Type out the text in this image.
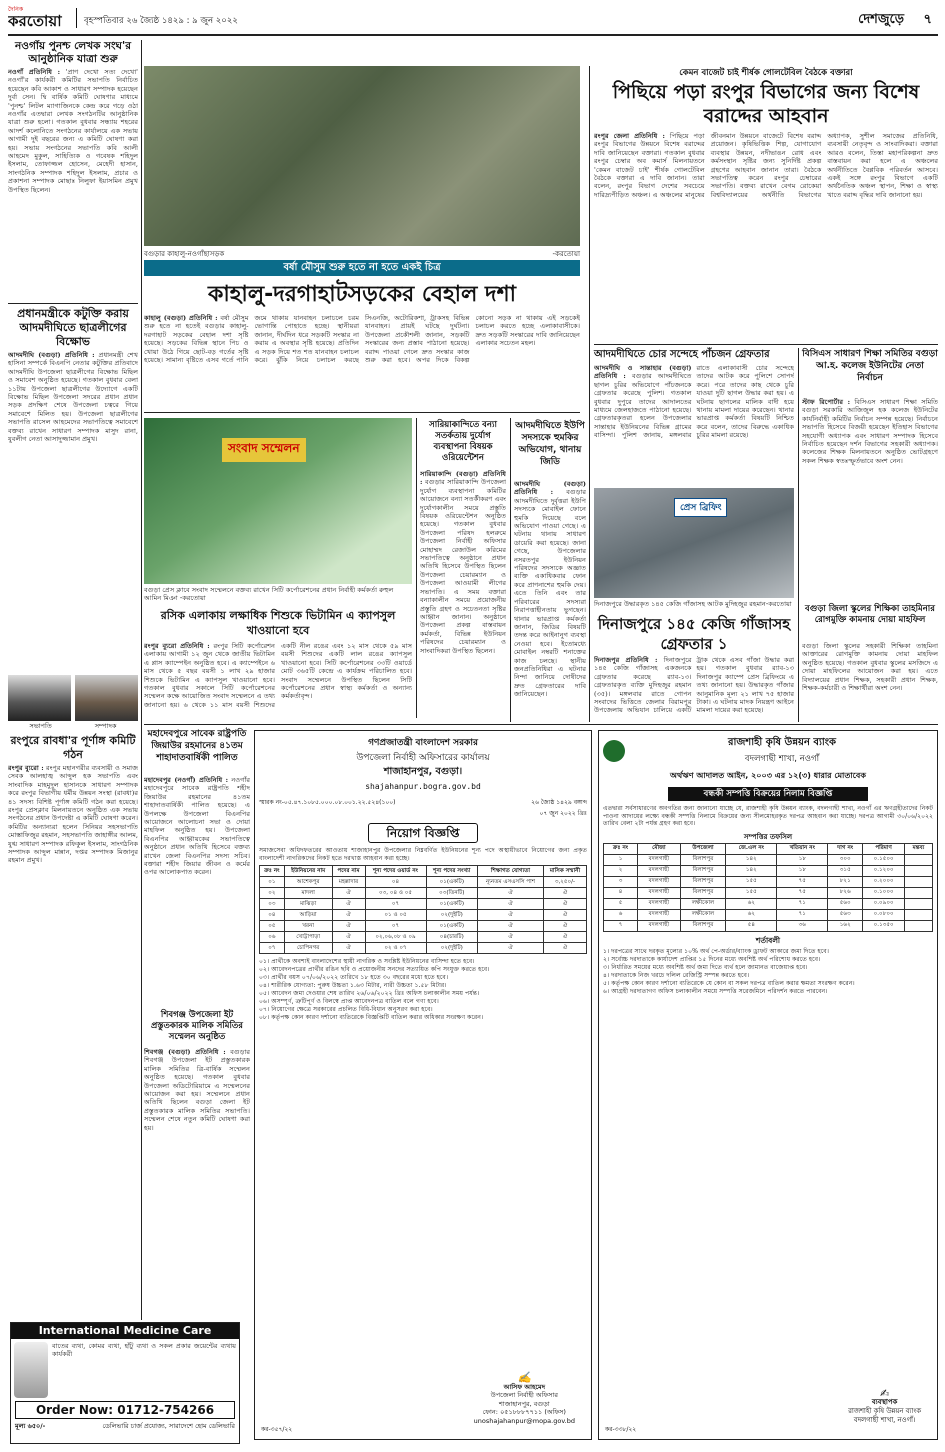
দৈনিক
করতোয়া	বৃহস্পতিবার ২৬ জ্যৈষ্ঠ ১৪২৯ : ৯ জুন ২০২২	দেশজুড়ে ৭
নওগাঁয় পুনশ্চ লেখক সংঘ'র আনুষ্ঠানিক যাত্রা শুরু
নওগাঁ প্রতিনিধি : 'প্রাণ দেখো সত্য দেখো' নওগাঁ'র কার্যকরী কমিটির সভাপতি নির্বাচিত হয়েছেন কবি আকাশ ও সাধারণ সম্পাদক হয়েছেন দুর্বা সেন। দ্বি বার্ষিক কমিটি ঘোষণার মাধ্যমে 'পুনশ্চ' লিটল ম্যাগাজিনকে কেন্দ্র করে গড়ে ওঠা নওগাঁর এতদ্বারা লেখক সংগঠনটির আনুষ্ঠানিক যাত্রা শুরু হলো। গতকাল বুধবার সন্ধ্যায় শহরের আদর্শ কলোনিতে সংগঠনের কার্যালয়ে এক সভায় আগামী দুই বছরের জন্য এ কমিটি ঘোষণা করা হয়। সভায় সংগঠনের সভাপতি কবি আলী আহমেদ মুকুল, সাহিত্যিক ও গবেষক শহিদুল ইসলাম, তোফাজ্জল হোসেন, মেহেদী হাসান, সাংগঠনিক সম্পাদক শহিদুল ইসলাম, প্রচার ও প্রকাশনা সম্পাদক মোছাঃ নিলুফা ইয়াসমিন প্রমুখ উপস্থিত ছিলেন।
প্রধানমন্ত্রীকে কটুক্তি করায় আদমদীঘিতে ছাত্রলীগের বিক্ষোভ
আদমদীঘি (বগুড়া) প্রতিনিধি : প্রধানমন্ত্রী শেখ হাসিনা সম্পর্কে বিএনপি নেতার কটুক্তির প্রতিবাদে আদমদীঘি উপজেলা ছাত্রলীগের বিক্ষোভ মিছিল ও সমাবেশ অনুষ্ঠিত হয়েছে। গতকাল বুধবার বেলা ১১টায় উপজেলা ছাত্রলীগের উদ্যোগে একটি বিক্ষোভ মিছিল উপজেলা সদরের প্রধান প্রধান সড়ক প্রদক্ষিণ শেষে উপজেলা চত্বরে গিয়ে সমাবেশে মিলিত হয়। উপজেলা ছাত্রলীগের সভাপতি রাসেল আহমেদের সভাপতিত্বে সমাবেশে বক্তব্য রাখেন সাধারণ সম্পাদক মাসুদ রানা, যুবলীগ নেতা আসাদুজ্জামান প্রমুখ।
সভাপতি	সম্পাদক
রংপুরে রাবধা'র পূর্ণাঙ্গ কমিটি গঠন
রংপুর ব্যুরো : রংপুর মহানগরীর ব্যবসায়ী ও সমাজ সেবক আলহাজ্ব আব্দুল হক সভাপতি এবং সাংবাদিক মাহমুদুল হাসানকে সাধারণ সম্পাদক করে রংপুর বিভাগীয় ধর্মীয় উন্নয়ন সংস্থা (রাবধা)র ৪১ সদস্য বিশিষ্ট পূর্ণাঙ্গ কমিটি গঠন করা হয়েছে। রংপুর প্রেসক্লাব মিলনায়তনে অনুষ্ঠিত এক সভায় সংগঠনের প্রধান উপদেষ্টা এ কমিটি ঘোষণা করেন। কমিটির অন্যান্যরা হলেন সিনিয়র সহসভাপতি মোস্তাফিজুর রহমান, সহসভাপতি জাহাঙ্গীর আলম, যুগ্ম সাধারণ সম্পাদক রফিকুল ইসলাম, সাংগঠনিক সম্পাদক আব্দুল মান্নান, দপ্তর সম্পাদক মিজানুর রহমান প্রমুখ।
International Medicine Care
বাতের ব্যথা, কোমর ব্যথা, হাঁটু ব্যথা ও সকল প্রকার জয়েন্টের ব্যথায় কার্যকরী
Order Now: 01712-754266
মূল্য ৬৫০/-	ডেলিভারি চার্জ প্রযোজ্য, সারাদেশে হোম ডেলিভারি
বগুড়ার কাহালু-নওগাঁছাসড়ক	-করতোয়া
বর্ষা মৌসুম শুরু হতে না হতে একই চিত্র
কাহালু-দরগাহাটসড়কের বেহাল দশা
কাহালু (বগুড়া) প্রতিনিধি : বর্ষা মৌসুম শুরু হতে না হতেই বগুড়ার কাহালু-দরগাহাট সড়কের বেহাল দশা সৃষ্টি হয়েছে। সড়কের বিভিন্ন স্থানে পিচ ও খোয়া উঠে গিয়ে ছোট-বড় গর্তের সৃষ্টি হয়েছে। সামান্য বৃষ্টিতে এসব গর্তে পানি জমে থাকায় যানবাহন চলাচলে চরম ভোগান্তি পোহাতে হচ্ছে। স্থানীয়রা জানান, দীর্ঘদিন ধরে সড়কটি সংস্কার না করায় এ অবস্থার সৃষ্টি হয়েছে। প্রতিদিন এ সড়ক দিয়ে শত শত যানবাহন চলাচল করে। ঝুঁকি নিয়ে চলাচল করছে সিএনজি, অটোরিকশা, ট্রাকসহ বিভিন্ন যানবাহন। প্রায়ই ঘটছে দুর্ঘটনা। উপজেলা প্রকৌশলী জানান, সড়কটি সংস্কারের জন্য প্রস্তাব পাঠানো হয়েছে। বরাদ্দ পাওয়া গেলে দ্রুত সংস্কার কাজ শুরু করা হবে। অপর দিকে বিকল্প কোনো সড়ক না থাকায় এই সড়কেই চলাচল করতে হচ্ছে এলাকাবাসীকে। দ্রুত সড়কটি সংস্কারের দাবি জানিয়েছেন এলাকার সচেতন মহল।
সংবাদ সম্মেলন
বগুড়া প্রেস ক্লাবে সংবাদ সম্মেলনে বক্তব্য রাখেন সিটি কর্পোরেশনের প্রধান নির্বাহী কর্মকর্তা রুহুল আমিন মিঞা -করতোয়া
রসিক এলাকায় লক্ষাধিক শিশুকে ভিটামিন এ ক্যাপসুল খাওয়ানো হবে
রংপুর ব্যুরো প্রতিনিধি : রংপুর সিটি কর্পোরেশন এলাকায় আগামী ১২ জুন থেকে জাতীয় ভিটামিন এ প্লাস ক্যাম্পেইন অনুষ্ঠিত হবে। এ ক্যাম্পেইনে ৬ মাস থেকে ৫ বছর বয়সী ১ লাখ ২৯ হাজার শিশুকে ভিটামিন এ ক্যাপসুল খাওয়ানো হবে। গতকাল বুধবার সকালে সিটি কর্পোরেশনের সম্মেলন কক্ষে আয়োজিত সংবাদ সম্মেলনে এ তথ্য জানানো হয়। ৬ থেকে ১১ মাস বয়সী শিশুদের একটি নীল রঙের এবং ১২ মাস থেকে ৫৯ মাস বয়সী শিশুদের একটি লাল রঙের ক্যাপসুল খাওয়ানো হবে। সিটি কর্পোরেশনের ৩৩টি ওয়ার্ডে মোট ৩৬৫টি কেন্দ্রে এ কার্যক্রম পরিচালিত হবে। সংবাদ সম্মেলনে উপস্থিত ছিলেন সিটি কর্পোরেশনের প্রধান স্বাস্থ্য কর্মকর্তা ও অন্যান্য কর্মকর্তাবৃন্দ।
সারিয়াকান্দিতে বন্যা সতর্কতায় দুর্যোগ ব্যবস্থাপনা বিষয়ক ওরিয়েন্টেশন
সারিয়াকান্দি (বগুড়া) প্রতিনিধি : বগুড়ার সারিয়াকান্দি উপজেলা দুর্যোগ ব্যবস্থাপনা কমিটির আয়োজনে বন্যা সতর্কীকরণ এবং দুর্যোগকালীন সময়ে প্রস্তুতি বিষয়ক ওরিয়েন্টেশন অনুষ্ঠিত হয়েছে। গতকাল বুধবার উপজেলা পরিষদ হলরুমে উপজেলা নির্বাহী অফিসার মোহাম্মদ রেজাউল করিমের সভাপতিত্বে অনুষ্ঠানে প্রধান অতিথি হিসেবে উপস্থিত ছিলেন উপজেলা চেয়ারম্যান ও উপজেলা আওয়ামী লীগের সভাপতি। এ সময় বক্তারা বন্যাকালীন সময়ে প্রয়োজনীয় প্রস্তুতি গ্রহণ ও সচেতনতা সৃষ্টির আহ্বান জানান। অনুষ্ঠানে উপজেলা প্রকল্প বাস্তবায়ন কর্মকর্তা, বিভিন্ন ইউনিয়ন পরিষদের চেয়ারম্যান ও সাংবাদিকরা উপস্থিত ছিলেন।
আদমদীঘিতে ইউপি সদস্যকে হুমকির অভিযোগ, থানায় জিডি
আদমদীঘি (বগুড়া) প্রতিনিধি : বগুড়ার আদমদীঘিতে দুর্বৃত্তরা ইউপি সদস্যকে মোবাইল ফোনে হুমকি দিয়েছে বলে অভিযোগ পাওয়া গেছে। এ ঘটনায় থানায় সাধারণ ডায়েরি করা হয়েছে। জানা গেছে, উপজেলার নসরতপুর ইউনিয়ন পরিষদের সদস্যকে অজ্ঞাত ব্যক্তি একাধিকবার ফোন করে প্রাণনাশের হুমকি দেয়। এতে তিনি এবং তার পরিবারের সদস্যরা নিরাপত্তাহীনতায় ভুগছেন। থানার ভারপ্রাপ্ত কর্মকর্তা জানান, জিডির বিষয়টি তদন্ত করে আইনানুগ ব্যবস্থা নেওয়া হবে। ইতোমধ্যে মোবাইল নম্বরটি শনাক্তের কাজ চলছে। স্থানীয় জনপ্রতিনিধিরা এ ঘটনার নিন্দা জানিয়ে দোষীদের দ্রুত গ্রেফতারের দাবি জানিয়েছেন।
কেমন বাজেট চাই শীর্ষক গোলটেবিল বৈঠকে বক্তারা
পিছিয়ে পড়া রংপুর বিভাগের জন্য বিশেষ বরাদ্দের আহবান
রংপুর জেলা প্রতিনিধি : পিছিয়ে পড়া রংপুর বিভাগের উন্নয়নে বিশেষ বরাদ্দের দাবি জানিয়েছেন বক্তারা। গতকাল বুধবার রংপুর চেম্বার অব কমার্স মিলনায়তনে 'কেমন বাজেট চাই' শীর্ষক গোলটেবিল বৈঠকে বক্তারা এ দাবি জানান। তারা বলেন, রংপুর বিভাগ দেশের সবচেয়ে দারিদ্র্যপীড়িত অঞ্চল। এ অঞ্চলের মানুষের জীবনমান উন্নয়নে বাজেটে বিশেষ বরাদ্দ প্রয়োজন। কৃষিভিত্তিক শিল্প, যোগাযোগ ব্যবস্থার উন্নয়ন, নদীভাঙন রোধ এবং কর্মসংস্থান সৃষ্টির জন্য সুনির্দিষ্ট প্রকল্প গ্রহণের আহবান জানান তারা। বৈঠকে সভাপতিত্ব করেন রংপুর চেম্বারের সভাপতি। বক্তব্য রাখেন বেগম রোকেয়া বিশ্ববিদ্যালয়ের অর্থনীতি বিভাগের অধ্যাপক, সুশীল সমাজের প্রতিনিধি, ব্যবসায়ী নেতৃবৃন্দ ও সাংবাদিকরা। বক্তারা আরও বলেন, তিস্তা মহাপরিকল্পনা দ্রুত বাস্তবায়ন করা হলে এ অঞ্চলের অর্থনীতিতে বৈপ্লবিক পরিবর্তন আসবে। একই সঙ্গে রংপুর বিভাগে একটি অর্থনৈতিক অঞ্চল স্থাপন, শিক্ষা ও স্বাস্থ্য খাতে বরাদ্দ বৃদ্ধির দাবি জানানো হয়।
আদমদীঘিতে চোর সন্দেহে পাঁচজন গ্রেফতার
আদমদীঘি ও সান্তাহার (বগুড়া) প্রতিনিধি : বগুড়ার আদমদীঘিতে ছাগল চুরির অভিযোগে পাঁচজনকে গ্রেফতার করেছে পুলিশ। গতকাল বুধবার দুপুরে তাদের আদালতের মাধ্যমে জেলহাজতে পাঠানো হয়েছে। গ্রেফতারকৃতরা হলেন উপজেলার সান্তাহার ইউনিয়নের বিভিন্ন গ্রামের বাসিন্দা। পুলিশ জানায়, মঙ্গলবার রাতে এলাকাবাসী চোর সন্দেহে তাদের আটক করে পুলিশে সোপর্দ করে। পরে তাদের কাছ থেকে চুরি যাওয়া দুটি ছাগল উদ্ধার করা হয়। এ ঘটনায় ছাগলের মালিক বাদী হয়ে থানায় মামলা দায়ের করেছেন। থানার ভারপ্রাপ্ত কর্মকর্তা বিষয়টি নিশ্চিত করে বলেন, তাদের বিরুদ্ধে একাধিক চুরির মামলা রয়েছে।
বিসিএস সাধারণ শিক্ষা সমিতির বগুড়া আ.হ. কলেজ ইউনিটের নেতা নির্বাচন
স্টাফ রিপোর্টার : বিসিএস সাধারণ শিক্ষা সমিতি বগুড়া সরকারি আজিজুল হক কলেজ ইউনিটের কার্যনির্বাহী কমিটির নির্বাচন সম্পন্ন হয়েছে। নির্বাচনে সভাপতি হিসেবে বিজয়ী হয়েছেন ইতিহাস বিভাগের সহযোগী অধ্যাপক এবং সাধারণ সম্পাদক হিসেবে নির্বাচিত হয়েছেন দর্শন বিভাগের সহকারী অধ্যাপক। কলেজের শিক্ষক মিলনায়তনে অনুষ্ঠিত ভোটগ্রহণে সকল শিক্ষক স্বতঃস্ফূর্তভাবে অংশ নেন।
বগুড়া জিলা স্কুলের শিক্ষিকা তাহমিনার রোগমুক্তি কামনায় দোয়া মাহফিল
বগুড়া জিলা স্কুলের সহকারী শিক্ষিকা তাহমিনা আক্তারের রোগমুক্তি কামনায় দোয়া মাহফিল অনুষ্ঠিত হয়েছে। গতকাল বুধবার স্কুলের মসজিদে এ দোয়া মাহফিলের আয়োজন করা হয়। এতে বিদ্যালয়ের প্রধান শিক্ষক, সহকারী প্রধান শিক্ষক, শিক্ষক-কর্মচারী ও শিক্ষার্থীরা অংশ নেন।
প্রেস ব্রিফিং
দিনাজপুরে উদ্ধারকৃত ১৪৫ কেজি গাঁজাসহ আটক মুদিহজুর রহমান-করতোয়া
দিনাজপুরে ১৪৫ কেজি গাঁজাসহ গ্রেফতার ১
দিনাজপুর প্রতিনিধি : দিনাজপুরে ১৪৫ কেজি গাঁজাসহ একজনকে গ্রেফতার করেছে র‌্যাব-১৩। গ্রেফতারকৃত ব্যক্তি মুদিহজুর রহমান (৩৫)। মঙ্গলবার রাতে গোপন সংবাদের ভিত্তিতে জেলার বিরামপুর উপজেলায় অভিযান চালিয়ে একটি ট্রাক থেকে এসব গাঁজা উদ্ধার করা হয়। গতকাল বুধবার র‌্যাব-১৩ দিনাজপুর ক্যাম্পে প্রেস ব্রিফিংয়ে এ তথ্য জানানো হয়। উদ্ধারকৃত গাঁজার আনুমানিক মূল্য ২১ লাখ ৭৫ হাজার টাকা। এ ঘটনায় মাদক নিয়ন্ত্রণ আইনে মামলা দায়ের করা হয়েছে।
মহাদেবপুরে সাবেক রাষ্ট্রপতি জিয়াউর রহমানের ৪১তম শাহাদাতবার্ষিকী পালিত
মহাদেবপুর (নওগাঁ) প্রতিনিধি : নওগাঁর মহাদেবপুরে সাবেক রাষ্ট্রপতি শহীদ জিয়াউর রহমানের ৪১তম শাহাদাতবার্ষিকী পালিত হয়েছে। এ উপলক্ষে উপজেলা বিএনপির আয়োজনে আলোচনা সভা ও দোয়া মাহফিল অনুষ্ঠিত হয়। উপজেলা বিএনপির আহ্বায়কের সভাপতিত্বে অনুষ্ঠানে প্রধান অতিথি হিসেবে বক্তব্য রাখেন জেলা বিএনপির সদস্য সচিব। বক্তারা শহীদ জিয়ার জীবন ও কর্মের ওপর আলোকপাত করেন।
শিবগঞ্জ উপজেলা ইট প্রস্তুতকারক মালিক সমিতির সম্মেলন অনুষ্ঠিত
শিবগঞ্জ (বগুড়া) প্রতিনিধি : বগুড়ার শিবগঞ্জ উপজেলা ইট প্রস্তুতকারক মালিক সমিতির ত্রি-বার্ষিক সম্মেলন অনুষ্ঠিত হয়েছে। গতকাল বুধবার উপজেলা অডিটোরিয়ামে এ সম্মেলনের আয়োজন করা হয়। সম্মেলনে প্রধান অতিথি ছিলেন বগুড়া জেলা ইট প্রস্তুতকারক মালিক সমিতির সভাপতি। সম্মেলন শেষে নতুন কমিটি ঘোষণা করা হয়।
গণপ্রজাতন্ত্রী বাংলাদেশ সরকার
উপজেলা নির্বাহী অফিসারের কার্যালয়
শাজাহানপুর, বগুড়া।
shajahanpur.bogra.gov.bd
স্মারক নং-০৫.৪৭.১০৮৫.০০০.০৮.০০১.২২.৫২৪(১০০)	২৬ জ্যৈষ্ঠ ১৪২৯ বঙ্গাব্দ
০৭ জুন ২০২২ খ্রিঃ
নিয়োগ বিজ্ঞপ্তি
সমাজসেবা অধিদফতরের আওতায় শাজাহানপুর উপজেলার নিম্নবর্ণিত ইউনিয়নের শূন্য পদে অস্থায়ীভাবে নিয়োগের জন্য প্রকৃত বাংলাদেশী নাগরিকদের নিকট হতে দরখাস্ত আহবান করা হচ্ছে।
ক্রঃ নং	ইউনিয়নের নাম	পদের নাম	শূন্য পদের ওয়ার্ড নং	শূন্য পদের সংখ্যা	শিক্ষাগত যোগ্যতা	মাসিক সম্মানী
০১	আশেকপুর	মহল্লাদার	০৪	০১(একটি)	ন্যূনতম এসএসসি পাশ	৩,২৫০/-
০২	মাদলা	ঐ	০৩, ০৪ ও ০৫	০৩(তিনটি)	ঐ	ঐ
০৩	মাঝিড়া	ঐ	০৭	০১(একটি)	ঐ	ঐ
০৪	আড়িয়া	ঐ	০১ ও ০৫	০২(দুইটি)	ঐ	ঐ
০৫	খরনা	ঐ	০৭	০১(একটি)	ঐ	ঐ
০৬	খোট্টাপাড়া	ঐ	০২,০৬,০৮ ও ০৯	০৪(চারটি)	ঐ	ঐ
০৭	চোপিনগর	ঐ	০২ ও ০৭	০২(দুইটি)	ঐ	ঐ
০১। প্রার্থীকে অবশ্যই বাংলাদেশের স্থায়ী নাগরিক ও সংশ্লিষ্ট ইউনিয়নের বাসিন্দা হতে হবে।
০২। আবেদনপত্রের প্রার্থীর রঙিন ছবি ও প্রয়োজনীয় সনদের সত্যায়িত কপি সংযুক্ত করতে হবে।
০৩। প্রার্থীর বয়স ০৭/০৬/২০২২ তারিখে ১৮ হতে ৩০ বছরের মধ্যে হতে হবে।
০৪। শারীরিক যোগ্যতা: পুরুষ উচ্চতা ১.৬৩ মিটার, নারী উচ্চতা ১.৫৮ মিটার।
০৫। আবেদন জমা দেওয়ার শেষ তারিখ ২৬/০৬/২০২২ খ্রিঃ অফিস চলাকালীন সময় পর্যন্ত।
০৬। অসম্পূর্ণ, ত্রুটিপূর্ণ ও বিলম্বে প্রাপ্ত আবেদনপত্র বাতিল বলে গণ্য হবে।
০৭। নিয়োগের ক্ষেত্রে সরকারের প্রচলিত বিধি-বিধান অনুসরণ করা হবে।
০৮। কর্তৃপক্ষ কোন কারণ দর্শানো ব্যতিরেকে বিজ্ঞপ্তিটি বাতিল করার অধিকার সংরক্ষণ করেন।
✍
আসিফ আহমেদ
উপজেলা নির্বাহী অফিসার
শাজাহানপুর, বগুড়া
ফোন: ০৫১৮৮৮৭৭১১ (অফিস)
unoshajahanpur@mopa.gov.bd
কর-৩৫৭/২২
রাজশাহী কৃষি উন্নয়ন ব্যাংক
বদলগাছী শাখা, নওগাঁ
অর্থঋণ আদালত আইন, ২০০৩ এর ১২(৩) ধারার মোতাবেক
বন্ধকী সম্পত্তি বিক্রয়ের নিলাম বিজ্ঞপ্তি
এতদ্বারা সর্বসাধারণের অবগতির জন্য জানানো যাচ্ছে যে, রাজশাহী কৃষি উন্নয়ন ব্যাংক, বদলগাছী শাখা, নওগাঁ এর ঋণগ্রহীতাদের নিকট পাওনা আদায়ের লক্ষ্যে বন্ধকী সম্পত্তি নিলামে বিক্রয়ের জন্য সীলমোহরকৃত দরপত্র আহবান করা যাচ্ছে। দরপত্র আগামী ৩০/০৬/২০২২ তারিখ বেলা ২টা পর্যন্ত গ্রহণ করা হবে।
সম্পত্তির তফসিল
ক্রঃ নং	মৌজা	উপজেলা	জে.এল নং	খতিয়ান নং	দাগ নং	পরিমাণ	মন্তব্য
১	বদলগাছী	বিলাশপুর	১৪২	১৮	৩০০	০.১৫০০	
২	বদলগাছী	বিলাশপুর	১৪২	১৮	৩১৫	০.১২০০	
৩	বদলগাছী	বিলাশপুর	১৫৫	৭৫	৮২১	০.২০০০	
৪	বদলগাছী	বিলাশপুর	১৫৫	৭৫	৮২৬	০.১০০০	
৫	বদলগাছী	লক্ষীকোল	৬২	৭১	৫৬০	০.০৯০০	
৬	বদলগাছী	লক্ষীকোল	৬২	৭১	৫৬৩	০.০৮০০	
৭	বদলগাছী	বিলাশপুর	৫৪	৩৬	১৬২	০.১৩৫০	
শর্তাবলী
১। দরপত্রের সাথে দরকৃত মূল্যের ১০% অর্থ পে-অর্ডার/ব্যাংক ড্রাফট আকারে জমা দিতে হবে।
২। সর্বোচ্চ দরদাতাকে কার্যাদেশ প্রাপ্তির ১৫ দিনের মধ্যে অবশিষ্ট অর্থ পরিশোধ করতে হবে।
৩। নির্ধারিত সময়ের মধ্যে অবশিষ্ট অর্থ জমা দিতে ব্যর্থ হলে জামানত বাজেয়াপ্ত হবে।
৪। দরদাতাকে নিজ খরচে দলিল রেজিস্ট্রি সম্পন্ন করতে হবে।
৫। কর্তৃপক্ষ কোন কারণ দর্শানো ব্যতিরেকে যে কোন বা সকল দরপত্র বাতিল করার ক্ষমতা সংরক্ষণ করেন।
৬। আগ্রহী দরদাতাগণ অফিস চলাকালীন সময়ে সম্পত্তি সরেজমিনে পরিদর্শন করতে পারবেন।
✍
ব্যবস্থাপক
রাজশাহী কৃষি উন্নয়ন ব্যাংক
বদলগাছী শাখা, নওগাঁ।
কর-৩৩৮/২২
